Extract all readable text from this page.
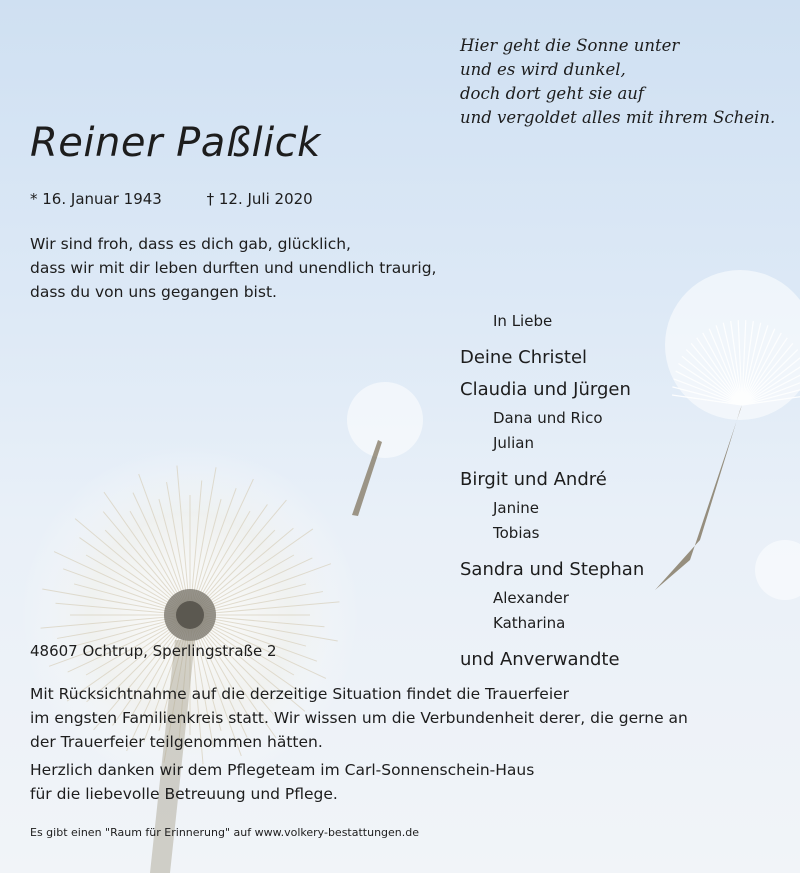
Hier geht die Sonne unter
und es wird dunkel,
doch dort geht sie auf
und vergoldet alles mit ihrem Schein.
Reiner Paßlick
* 16. Januar 1943	† 12. Juli 2020
Wir sind froh, dass es dich gab, glücklich,
dass wir mit dir leben durften und unendlich traurig,
dass du von uns gegangen bist.
In Liebe
Deine Christel
Claudia und Jürgen
Dana und Rico
Julian
Birgit und André
Janine
Tobias
Sandra und Stephan
Alexander
Katharina
und Anverwandte
48607 Ochtrup, Sperlingstraße 2

Mit Rücksichtnahme auf die derzeitige Situation findet die Trauerfeier
im engsten Familienkreis statt. Wir wissen um die Verbundenheit derer, die gerne an
der Trauerfeier teilgenommen hätten.

Herzlich danken wir dem Pflegeteam im Carl-Sonnenschein-Haus
für die liebevolle Betreuung und Pflege.

Es gibt einen "Raum für Erinnerung" auf www.volkery-bestattungen.de
